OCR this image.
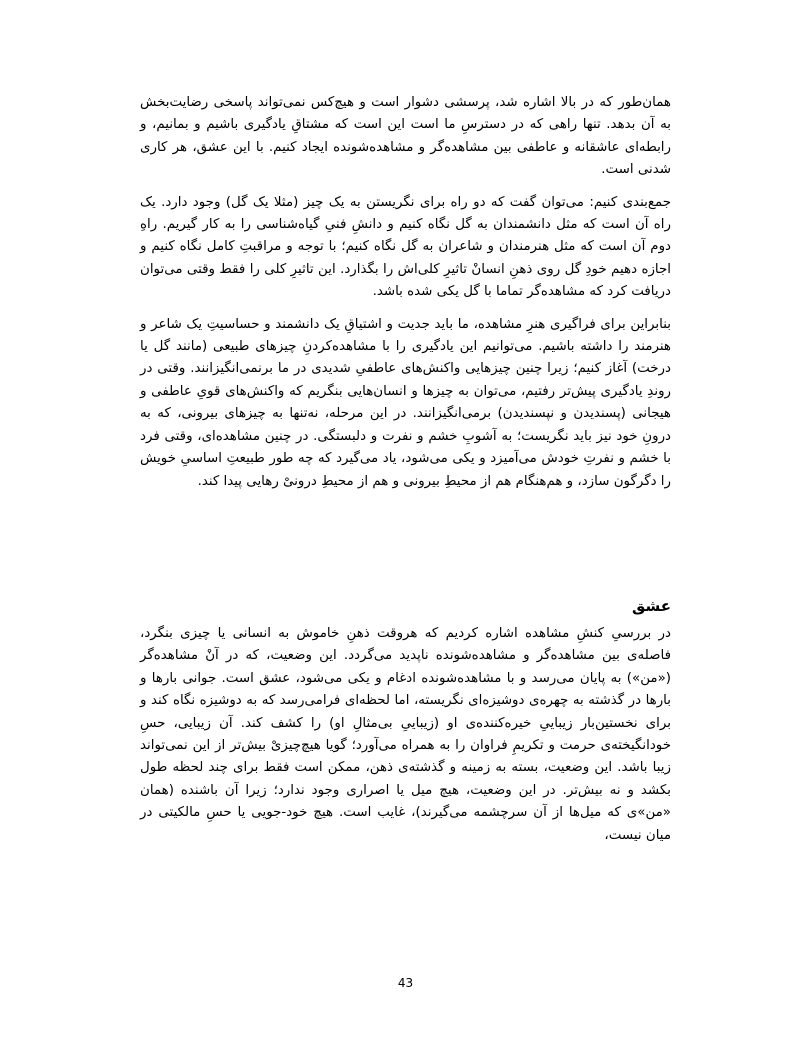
همان‌طور که در بالا اشاره شد، پرسشی دشوار است و هیچ‌کس نمی‌تواند پاسخی رضایت‌بخش به آن بدهد. تنها راهی که در دسترسِ ما است این است که مشتاقِ یادگیری باشیم و بمانیم، و رابطه‌ای عاشقانه و عاطفی بین مشاهده‌گر و مشاهده‌شونده ایجاد کنیم. با این عشق، هر کاری شدنی است.

جمع‌بندی کنیم: می‌توان گفت که دو راه برای نگریستن به یک چیز (مثلا یک گل) وجود دارد. یک راه آن است که مثل دانشمندان به گل نگاه کنیم و دانشِ فنیِ گیاه‌شناسی را به کار گیریم. راهِ دوم آن است که مثل هنرمندان و شاعران به گل نگاه کنیم؛ با توجه و مراقبتِ کامل نگاه کنیم و اجازه دهیم خودِ گل روی ذهنِ انسانْ تاثیرِ کلی‌اش را بگذارد. این تاثیرِ کلی را فقط وقتی می‌توان دریافت کرد که مشاهده‌گر تماما با گل یکی شده باشد.

بنابراین برای فراگیری هنرِ مشاهده، ما باید جدیت و اشتیاقِ یک دانشمند و حساسیتِ یک شاعر و هنرمند را داشته باشیم. می‌توانیم این یادگیری را با مشاهده‌کردنِ چیزهای طبیعی (مانند گل یا درخت) آغاز کنیم؛ زیرا چنین چیزهایی واکنش‌های عاطفیِ شدیدی در ما برنمی‌انگیزانند. وقتی در روندِ یادگیری پیش‌تر رفتیم، می‌توان به چیزها و انسان‌هایی بنگریم که واکنش‌های قویِ عاطفی و هیجانی (پسندیدن و نپسندیدن) برمی‌انگیزانند. در این مرحله، نه‌تنها به چیزهای بیرونی، که به درونِ خود نیز باید نگریست؛ به آشوبِ خشم و نفرت و دلبستگی. در چنین مشاهده‌ای، وقتی فرد با خشم و نفرتِ خودش می‌آمیزد و یکی می‌شود، یاد می‌گیرد که چه طور طبیعتِ اساسیِ خویش را دگرگون سازد، و هم‌هنگام هم از محیطِ بیرونی و هم از محیطِ درونیْ رهایی پیدا کند.

عشق

در بررسیِ کنشِ مشاهده اشاره کردیم که هروقت ذهنِ خاموش به انسانی یا چیزی بنگرد، فاصله‌ی بین مشاهده‌گر و مشاهده‌شونده ناپدید می‌گردد. این وضعیت، که در آنْ مشاهده‌گر («من») به پایان می‌رسد و با مشاهده‌شونده ادغام و یکی می‌شود، عشق است. جوانی بارها و بارها در گذشته به چهره‌ی دوشیزه‌ای نگریسته، اما لحظه‌ای فرامی‌رسد که به دوشیزه نگاه کند و برای نخستین‌بار زیباییِ خیره‌کننده‌ی او (زیباییِ بی‌مثالِ او) را کشف کند. آن زیبایی، حسِ خودانگیخته‌ی حرمت و تکریمِ فراوان را به همراه می‌آورد؛ گویا هیچ‌چیزیْ بیش‌تر از این نمی‌تواند زیبا باشد. این وضعیت، بسته به زمینه و گذشته‌ی ذهن، ممکن است فقط برای چند لحظه طول بکشد و نه بیش‌تر. در این وضعیت، هیچ میل یا اصراری وجود ندارد؛ زیرا آن باشنده (همان «من»ی که میل‌ها از آن سرچشمه می‌گیرند)، غایب است. هیچ خود-جویی یا حسِ مالکیتی در میان نیست،

43
